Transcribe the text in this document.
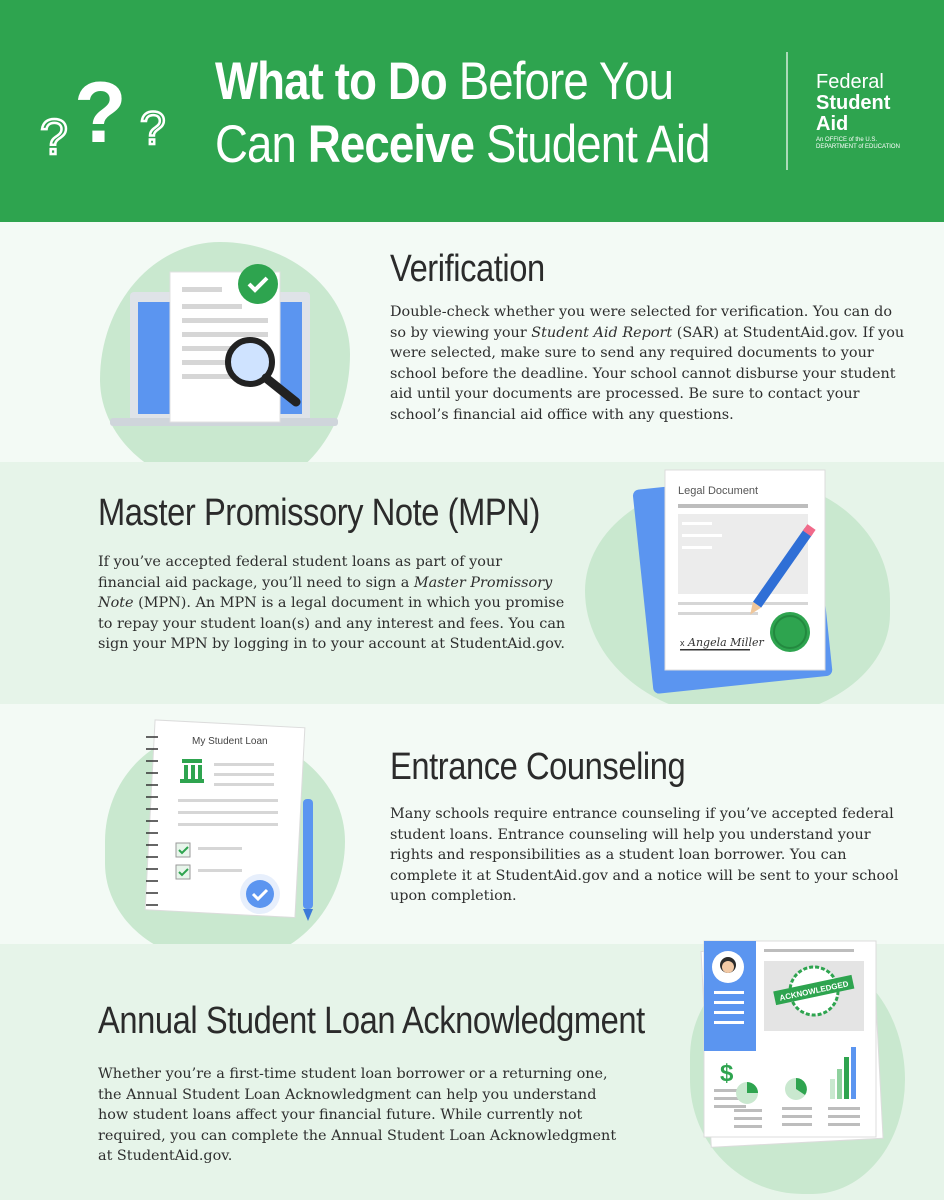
?
? ?
What to Do Before You
Can Receive Student Aid
Federal
Student
Aid
An OFFICE of the U.S. DEPARTMENT of EDUCATION
Verification

Double-check whether you were selected for verification. You can do so by viewing your Student Aid Report (SAR) at StudentAid.gov. If you were selected, make sure to send any required documents to your school before the deadline. Your school cannot disburse your student aid until your documents are processed. Be sure to contact your school’s financial aid office with any questions.

Legal Document
x Angela Miller
Master Promissory Note (MPN)

If you’ve accepted federal student loans as part of your financial aid package, you’ll need to sign a Master Promissory Note (MPN). An MPN is a legal document in which you promise to repay your student loan(s) and any interest and fees. You can sign your MPN by logging in to your account at StudentAid.gov.

My Student Loan
Entrance Counseling

Many schools require entrance counseling if you’ve accepted federal student loans. Entrance counseling will help you understand your rights and responsibilities as a student loan borrower. You can complete it at StudentAid.gov and a notice will be sent to your school upon completion.

ACKNOWLEDGED
$
Annual Student Loan Acknowledgment

Whether you’re a first-time student loan borrower or a returning one, the Annual Student Loan Acknowledgment can help you understand how student loans affect your financial future. While currently not required, you can complete the Annual Student Loan Acknowledgment at StudentAid.gov.
